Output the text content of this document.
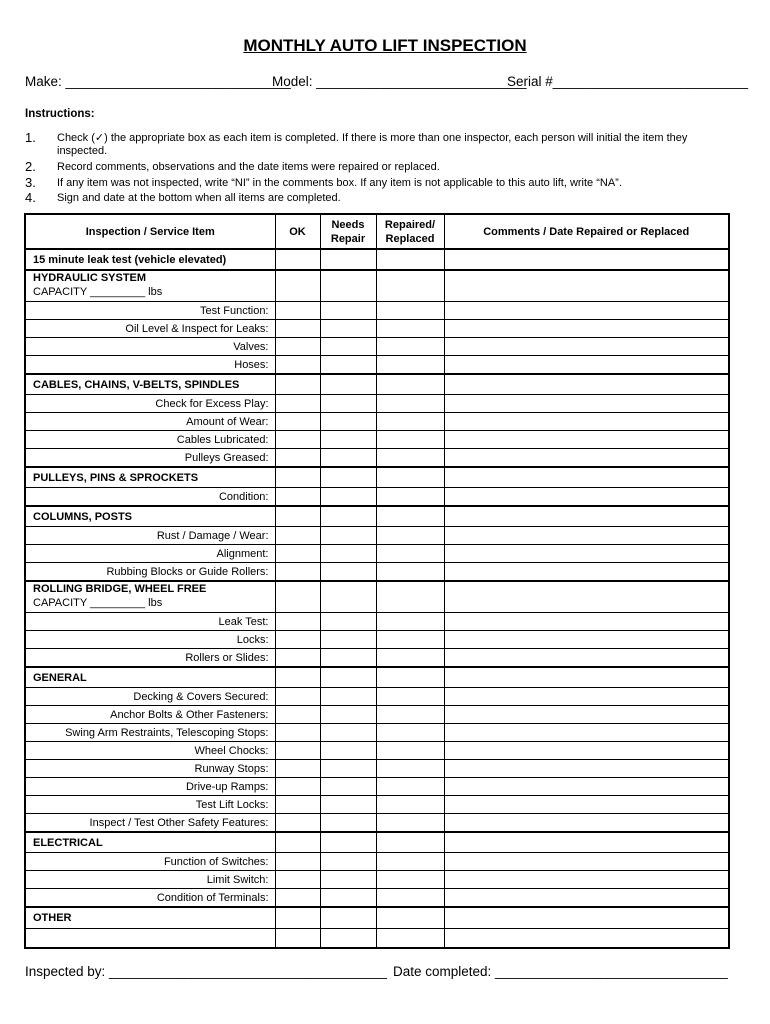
MONTHLY AUTO LIFT INSPECTION
Make: ______________________________
Model: ____________________________
Serial #__________________________
Instructions:
1. Check (✓) the appropriate box as each item is completed. If there is more than one inspector, each person will initial the item they inspected.
2. Record comments, observations and the date items were repaired or replaced.
3. If any item was not inspected, write “NI” in the comments box. If any item is not applicable to this auto lift, write “NA”.
4. Sign and date at the bottom when all items are completed.
Inspection / Service Item	OK	Needs Repair	Repaired/ Replaced	Comments / Date Repaired or Replaced
15 minute leak test (vehicle elevated)				
HYDRAULIC SYSTEM
CAPACITY _________ lbs				
Test Function:				
Oil Level & Inspect for Leaks:				
Valves:				
Hoses:				
CABLES, CHAINS, V-BELTS, SPINDLES				
Check for Excess Play:				
Amount of Wear:				
Cables Lubricated:				
Pulleys Greased:				
PULLEYS, PINS & SPROCKETS				
Condition:				
COLUMNS, POSTS				
Rust / Damage / Wear:				
Alignment:				
Rubbing Blocks or Guide Rollers:				
ROLLING BRIDGE, WHEEL FREE
CAPACITY _________ lbs				
Leak Test:				
Locks:				
Rollers or Slides:				
GENERAL				
Decking & Covers Secured:				
Anchor Bolts & Other Fasteners:				
Swing Arm Restraints, Telescoping Stops:				
Wheel Chocks:				
Runway Stops:				
Drive-up Ramps:				
Test Lift Locks:				
Inspect / Test Other Safety Features:				
ELECTRICAL				
Function of Switches:				
Limit Switch:				
Condition of Terminals:				
OTHER				

Inspected by: _____________________________________ Date completed: _______________________________
